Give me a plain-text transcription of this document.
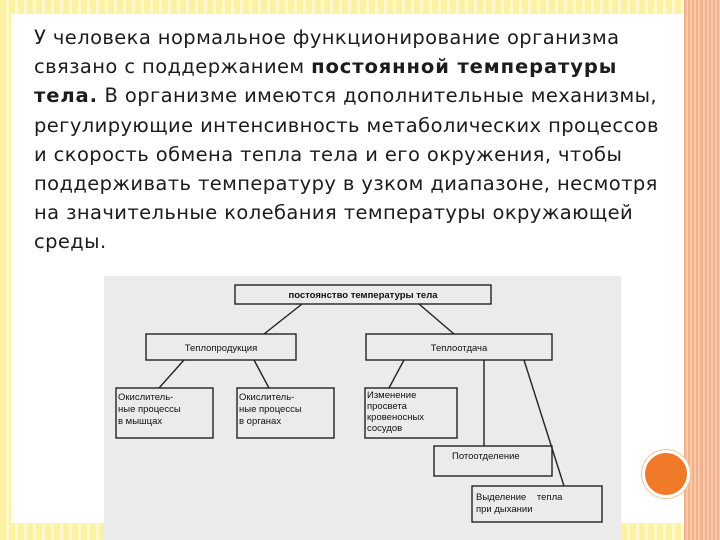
У человека нормальное функционирование организма связано с поддержанием постоянной температуры тела. В организме имеются дополнительные механизмы, регулирующие интенсивность метаболических процессов и скорость обмена тепла тела и его окружения, чтобы поддерживать температуру в узком диапазоне, несмотря на значительные колебания температуры окружающей среды.
постоянство температуры тела
Теплопродукция	Теплоотдача
Окислитель-
ные процессы
в мышцах
Окислитель-
ные процессы
в органах
Изменение
просвета
кровеносных
сосудов
Потоотделение
Выделение    тепла
при дыхании
